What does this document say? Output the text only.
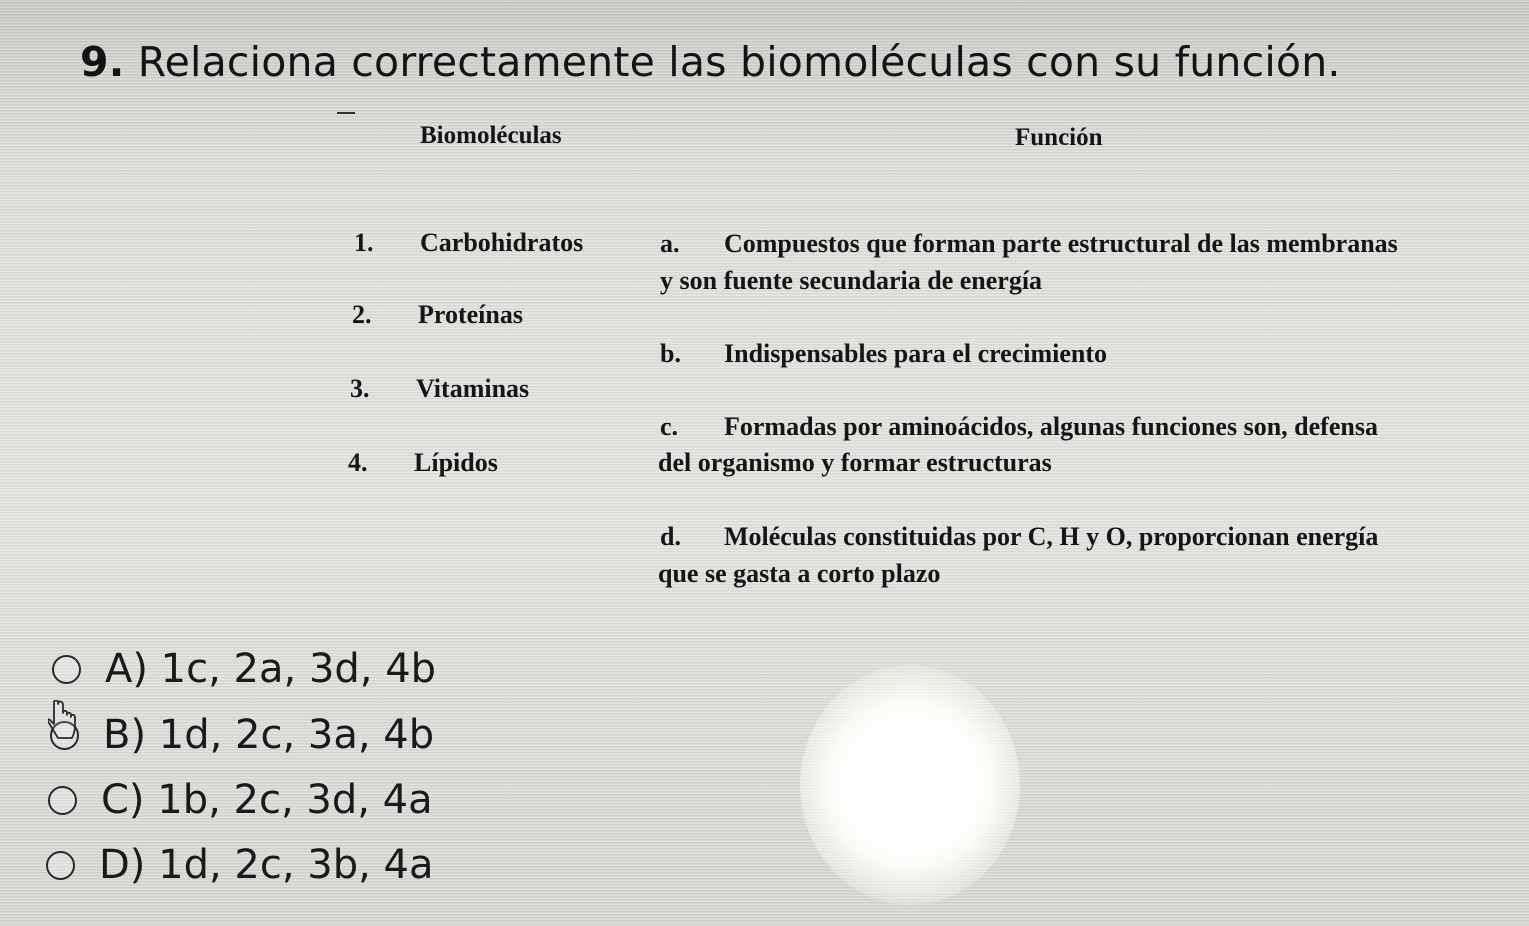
9. Relaciona correctamente las biomoléculas con su función.
Biomoléculas	Función
1. Carbohidratos
2. Proteínas
3. Vitaminas
4. Lípidos
a. Compuestos que forman parte estructural de las membranas
y son fuente secundaria de energía
b. Indispensables para el crecimiento
c. Formadas por aminoácidos, algunas funciones son, defensa
del organismo y formar estructuras
d. Moléculas constituidas por C, H y O, proporcionan energía
que se gasta a corto plazo
A) 1c, 2a, 3d, 4b
B) 1d, 2c, 3a, 4b
C) 1b, 2c, 3d, 4a
D) 1d, 2c, 3b, 4a
